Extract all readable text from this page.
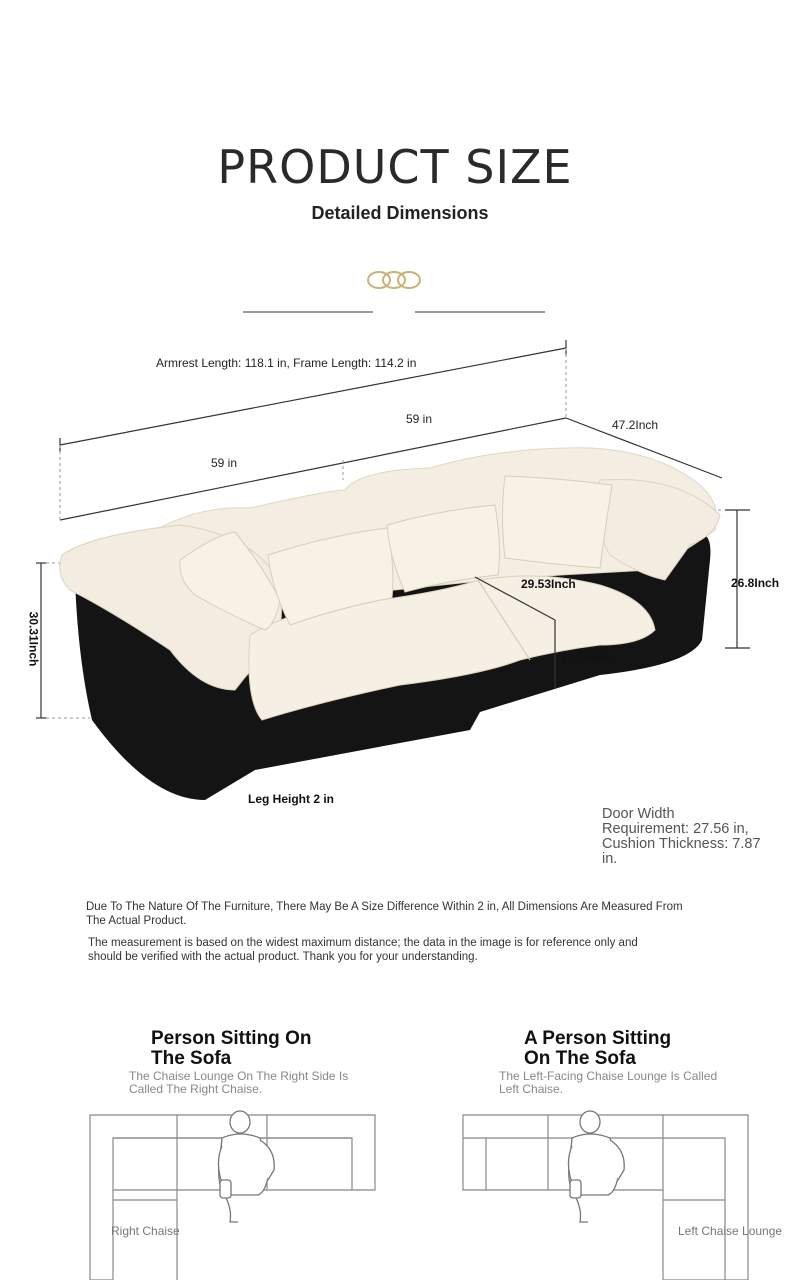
PRODUCT SIZE
Detailed Dimensions
Armrest Length: 118.1 in, Frame Length: 114.2 in
59 in
59 in
47.2Inch
26.8Inch
30.31Inch
29.53Inch
16.5Inch
Leg Height 2 in
Door Width Requirement: 27.56 in, Cushion Thickness: 7.87 in.
Due To The Nature Of The Furniture, There May Be A Size Difference Within 2 in, All Dimensions Are Measured From The Actual Product.
The measurement is based on the widest maximum distance; the data in the image is for reference only and should be verified with the actual product. Thank you for your understanding.
Person Sitting On
The Sofa
The Chaise Lounge On The Right Side Is Called The Right Chaise.
Right Chaise
A Person Sitting
On The Sofa
The Left-Facing Chaise Lounge Is Called Left Chaise.
Left Chaise Lounge
